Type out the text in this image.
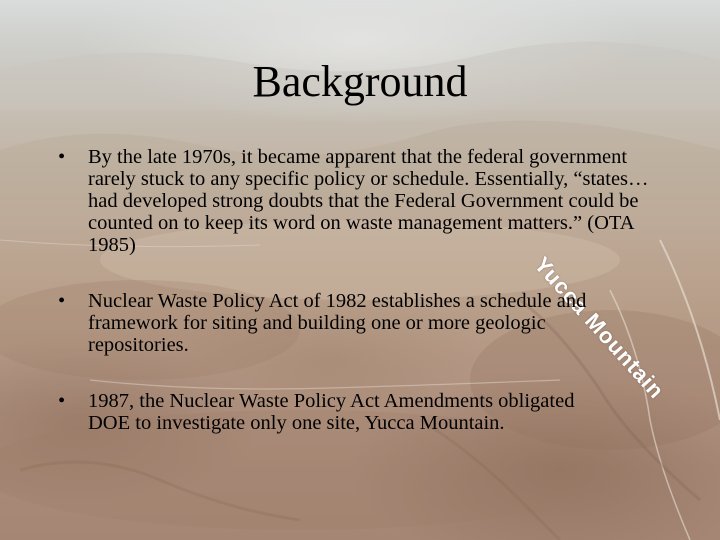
Yucca Mountain
Background
• By the late 1970s, it became apparent that the federal government rarely stuck to any specific policy or schedule. Essentially, “states…had developed strong doubts that the Federal Government could be counted on to keep its word on waste management matters.” (OTA 1985)
• Nuclear Waste Policy Act of 1982 establishes a schedule and framework for siting and building one or more geologic repositories.
• 1987, the Nuclear Waste Policy Act Amendments obligated DOE to investigate only one site, Yucca Mountain.
